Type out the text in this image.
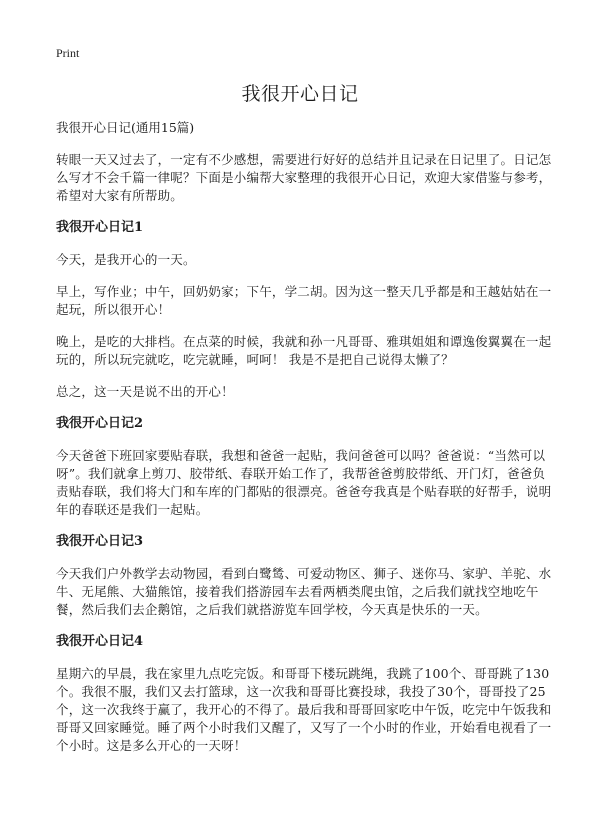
Print
我很开心日记
我很开心日记(通用15篇)

转眼一天又过去了，一定有不少感想，需要进行好好的总结并且记录在日记里了。日记怎么写才不会千篇一律呢？下面是小编帮大家整理的我很开心日记，欢迎大家借鉴与参考，希望对大家有所帮助。

我很开心日记1

今天，是我开心的一天。

早上，写作业；中午，回奶奶家；下午，学二胡。因为这一整天几乎都是和王越姑姑在一起玩，所以很开心！

晚上，是吃的大排档。在点菜的时候，我就和孙一凡哥哥、雅琪姐姐和谭逸俊翼翼在一起玩的，所以玩完就吃，吃完就睡，呵呵！ 我是不是把自己说得太懒了？

总之，这一天是说不出的开心！

我很开心日记2

今天爸爸下班回家要贴春联，我想和爸爸一起贴，我问爸爸可以吗？爸爸说：“当然可以呀”。我们就拿上剪刀、胶带纸、春联开始工作了，我帮爸爸剪胶带纸、开门灯，爸爸负责贴春联，我们将大门和车库的门都贴的很漂亮。爸爸夸我真是个贴春联的好帮手，说明年的春联还是我们一起贴。

我很开心日记3

今天我们户外教学去动物园，看到白鹭鸶、可爱动物区、狮子、迷你马、家驴、羊驼、水牛、无尾熊、大猫熊馆，接着我们搭游园车去看两栖类爬虫馆，之后我们就找空地吃午餐，然后我们去企鹅馆，之后我们就搭游览车回学校，今天真是快乐的一天。

我很开心日记4

星期六的早晨，我在家里九点吃完饭。和哥哥下楼玩跳绳，我跳了100个、哥哥跳了130个。我很不服，我们又去打篮球，这一次我和哥哥比赛投球，我投了30个，哥哥投了25个，这一次我终于赢了，我开心的不得了。最后我和哥哥回家吃中午饭，吃完中午饭我和哥哥又回家睡觉。睡了两个小时我们又醒了，又写了一个小时的作业，开始看电视看了一个小时。这是多么开心的一天呀！
